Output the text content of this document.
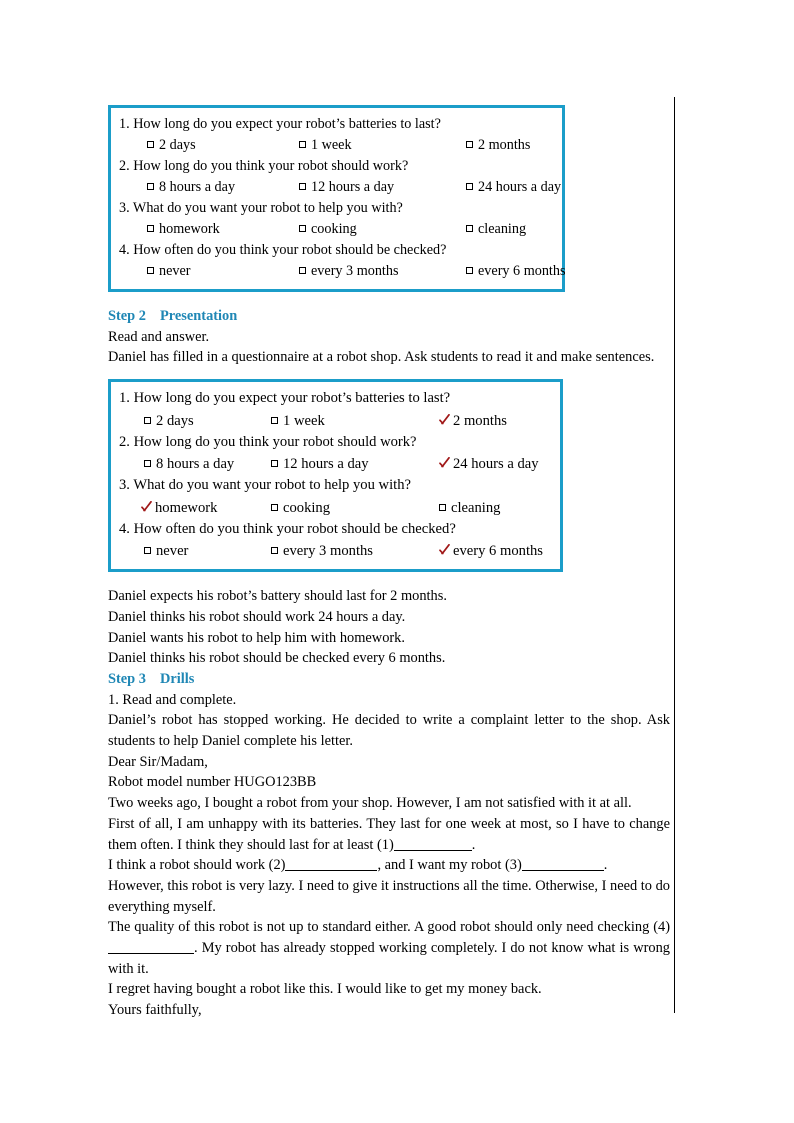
1. How long do you expect your robot’s batteries to last?
2 days	1 week	2 months
2. How long do you think your robot should work?
8 hours a day	12 hours a day	24 hours a day
3. What do you want your robot to help you with?
homework	cooking	cleaning
4. How often do you think your robot should be checked?
never	every 3 months	every 6 months
Step 2 Presentation

Read and answer.

Daniel has filled in a questionnaire at a robot shop. Ask students to read it and make sentences.

1. How long do you expect your robot’s batteries to last?
2 days	1 week	2 months
2. How long do you think your robot should work?
8 hours a day	12 hours a day	24 hours a day
3. What do you want your robot to help you with?
homework	cooking	cleaning
4. How often do you think your robot should be checked?
never	every 3 months	every 6 months

Daniel expects his robot’s battery should last for 2 months.

Daniel thinks his robot should work 24 hours a day.

Daniel wants his robot to help him with homework.

Daniel thinks his robot should be checked every 6 months.

Step 3 Drills

1. Read and complete.

Daniel’s robot has stopped working. He decided to write a complaint letter to the shop. Ask students to help Daniel complete his letter.

Dear Sir/Madam,

Robot model number HUGO123BB

Two weeks ago, I bought a robot from your shop. However, I am not satisfied with it at all.

First of all, I am unhappy with its batteries. They last for one week at most, so I have to change them often. I think they should last for at least (1)	.

I think a robot should work (2)	, and I want my robot (3)	.

However, this robot is very lazy. I need to give it instructions all the time. Otherwise, I need to do everything myself.

The quality of this robot is not up to standard either. A good robot should only need checking (4). My robot has already stopped working completely. I do not know what is wrong with it.

I regret having bought a robot like this. I would like to get my money back.

Yours faithfully,
